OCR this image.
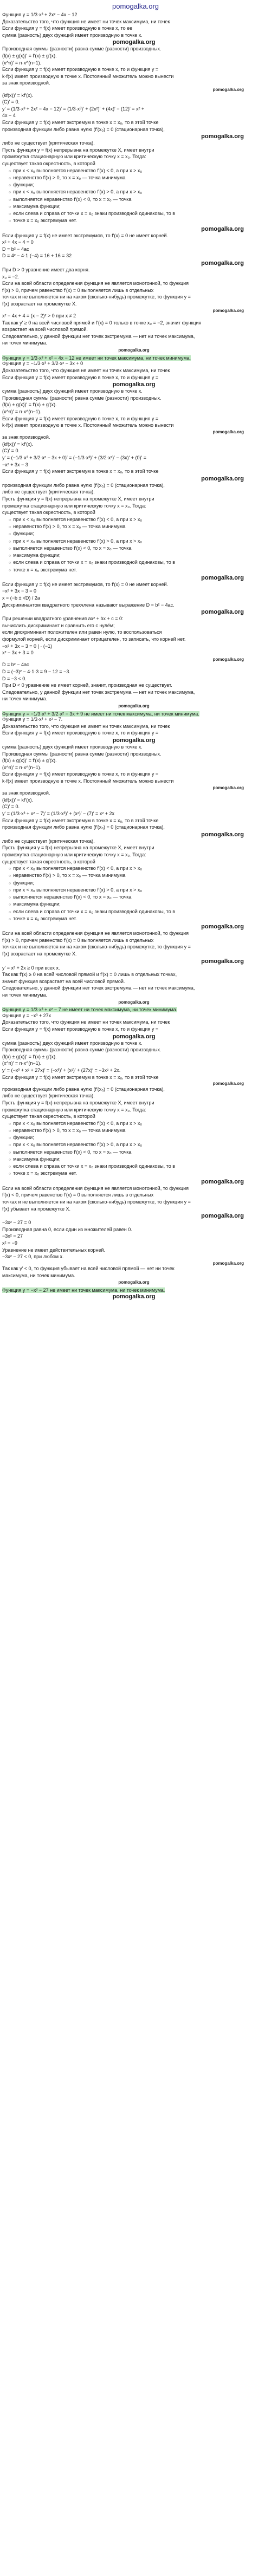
pomogalka.org

Функция y = 1/3·x³ + 2x² − 4x − 12

Доказательство того, что функция не имеет ни точек максимума, ни точек

Если функция y = f(x) имеет производную в точке x, то ее

сумма (разность) двух функций имеет производную в точке x.

pomogalka.org

Производная суммы (разности) равна сумме (разности) производных.

(f(x) ± g(x))′ = f′(x) ± g′(x).

(x^n)′ = n·x^(n−1).

Если функция y = f(x) имеет производную в точке x, то и функция y =

k·f(x) имеет производную в точке x. Постоянный множитель можно вынести

за знак производной.

pomogalka.org

(kf(x))′ = kf′(x).

(C)′ = 0.

y′ = (1/3·x³ + 2x² − 4x − 12)′ = (1/3·x³)′ + (2x²)′ + (4x)′ − (12)′ = x² +

4x − 4

Если функция y = f(x) имеет экстремум в точке x = x₀, то в этой точке

производная функции либо равна нулю (f′(x₀) = 0 (стационарная точка),

pomogalka.org

либо не существует (критическая точка).

Пусть функция y = f(x) непрерывна на промежутке X, имеет внутри

промежутка стационарную или критическую точку x = x₀. Тогда:

существует такая окрестность, в которой

○ при x < x₀ выполняется неравенство f′(x) < 0, а при x > x₀
○ неравенство f′(x) > 0, то x = x₀ — точка минимума
○ функции;
○ при x < x₀ выполняется неравенство f′(x) > 0, а при x > x₀
○ выполняется неравенство f′(x) < 0, то x = x₀ — точка
○ максимума функции;
○ если слева и справа от точки x = x₀ знаки производной одинаковы, то в
○ точке x = x₀ экстремума нет.
pomogalka.org

Если функция y = f(x) не имеет экстремумов, то f′(x) = 0 не имеет корней.

x² + 4x − 4 = 0

D = b² − 4ac

D = 4² − 4·1·(−4) = 16 + 16 = 32

pomogalka.org

При D > 0 уравнение имеет два корня.

x₀ = −2.

Если на всей области определения функция не является монотонной, то функция

f′(x) > 0, причем равенство f′(x) = 0 выполняется лишь в отдельных

точках и не выполняется ни на каком (сколько-нибудь) промежутке, то функция y =

f(x) возрастает на промежутке X.

pomogalka.org

x² − 4x + 4 = (x − 2)² > 0 при x ≠ 2

Так как y′ ≥ 0 на всей числовой прямой и f′(x) = 0 только в точке x₀ = −2, значит функция

возрастает на всей числовой прямой.

Следовательно, у данной функции нет точек экстремума — нет ни точек максимума,

ни точек минимума.

pomogalka.org

Функция y = 1/3·x³ + x² − 4x − 12 не имеет ни точек максимума, ни точек минимума.

Функция y = −1/3·x³ + 3/2·x² − 3x + 0

Доказательство того, что функция не имеет ни точек максимума, ни точек

Если функция y = f(x) имеет производную в точке x, то и функция y =

pomogalka.org

сумма (разность) двух функций имеет производную в точке x.

Производная суммы (разности) равна сумме (разности) производных.

(f(x) ± g(x))′ = f′(x) ± g′(x).

(x^n)′ = n·x^(n−1).

Если функция y = f(x) имеет производную в точке x, то и функция y =

k·f(x) имеет производную в точке x. Постоянный множитель можно вынести

pomogalka.org

за знак производной.

(kf(x))′ = kf′(x).

(C)′ = 0.

y′ = (−1/3·x³ + 3/2·x² − 3x + 0)′ = (−1/3·x³)′ + (3/2·x²)′ − (3x)′ + (0)′ =

−x² + 3x − 3

Если функция y = f(x) имеет экстремум в точке x = x₀, то в этой точке

pomogalka.org

производная функции либо равна нулю (f′(x₀) = 0 (стационарная точка),

либо не существует (критическая точка).

Пусть функция y = f(x) непрерывна на промежутке X, имеет внутри

промежутка стационарную или критическую точку x = x₀. Тогда:

существует такая окрестность, в которой

○ при x < x₀ выполняется неравенство f′(x) < 0, а при x > x₀
○ неравенство f′(x) > 0, то x = x₀ — точка минимума
○ функции;
○ при x < x₀ выполняется неравенство f′(x) > 0, а при x > x₀
○ выполняется неравенство f′(x) < 0, то x = x₀ — точка
○ максимума функции;
○ если слева и справа от точки x = x₀ знаки производной одинаковы, то в
○ точке x = x₀ экстремума нет.
pomogalka.org

Если функция y = f(x) не имеет экстремумов, то f′(x) = 0 не имеет корней.

−x² + 3x − 3 = 0

x = (−b ± √D) / 2a

Дискриминантом квадратного трехчлена называют выражение D = b² − 4ac.

pomogalka.org

При решении квадратного уравнения ax² + bx + c = 0:

вычислить дискриминант и сравнить его с нулём;

если дискриминант положителен или равен нулю, то воспользоваться

формулой корней, если дискриминант отрицателен, то записать, что корней нет.

−x² + 3x − 3 = 0 | · (−1)

x² − 3x + 3 = 0

pomogalka.org

D = b² − 4ac

D = (−3)² − 4·1·3 = 9 − 12 = −3.

D = −3 < 0.

При D < 0 уравнение не имеет корней, значит, производная не существует.

Следовательно, у данной функции нет точек экстремума — нет ни точек максимума,

ни точек минимума.

pomogalka.org

Функция y = −1/3·x³ + 3/2·x² − 3x + 9 не имеет ни точек максимума, ни точек минимума.

Функция y = 1/3·x³ + x² − 7.

Доказательство того, что функция не имеет ни точек максимума, ни точек

Если функция y = f(x) имеет производную в точке x, то и функция y =

pomogalka.org

сумма (разность) двух функций имеет производную в точке x.

Производная суммы (разности) равна сумме (разности) производных.

(f(x) ± g(x))′ = f′(x) ± g′(x).

(x^n)′ = n·x^(n−1).

Если функция y = f(x) имеет производную в точке x, то и функция y =

k·f(x) имеет производную в точке x. Постоянный множитель можно вынести

pomogalka.org

за знак производной.

(kf(x))′ = kf′(x).

(C)′ = 0.

y′ = (1/3·x³ + x² − 7)′ = (1/3·x³)′ + (x²)′ − (7)′ = x² + 2x

Если функция y = f(x) имеет экстремум в точке x = x₀, то в этой точке

производная функции либо равна нулю (f′(x₀) = 0 (стационарная точка),

pomogalka.org

либо не существует (критическая точка).

Пусть функция y = f(x) непрерывна на промежутке X, имеет внутри

промежутка стационарную или критическую точку x = x₀. Тогда:

существует такая окрестность, в которой

○ при x < x₀ выполняется неравенство f′(x) < 0, а при x > x₀
○ неравенство f′(x) > 0, то x = x₀ — точка минимума
○ функции;
○ при x < x₀ выполняется неравенство f′(x) > 0, а при x > x₀
○ выполняется неравенство f′(x) < 0, то x = x₀ — точка
○ максимума функции;
○ если слева и справа от точки x = x₀ знаки производной одинаковы, то в
○ точке x = x₀ экстремума нет.
pomogalka.org

Если на всей области определения функция не является монотонной, то функция

f′(x) > 0, причем равенство f′(x) = 0 выполняется лишь в отдельных

точках и не выполняется ни на каком (сколько-нибудь) промежутке, то функция y =

f(x) возрастает на промежутке X.

pomogalka.org

y′ = x² + 2x ≥ 0 при всех x.

Так как f′(x) ≥ 0 на всей числовой прямой и f′(x) = 0 лишь в отдельных точках,

значит функция возрастает на всей числовой прямой.

Следовательно, у данной функции нет точек экстремума — нет ни точек максимума,

ни точек минимума.

pomogalka.org

Функция y = 1/3·x³ + x² − 7 не имеет ни точек максимума, ни точек минимума.

Функция y = −x³ + 27x

Доказательство того, что функция не имеет ни точек максимума, ни точек

Если функция y = f(x) имеет производную в точке x, то и функция y =

pomogalka.org

сумма (разность) двух функций имеет производную в точке x.

Производная суммы (разности) равна сумме (разности) производных.

(f(x) ± g(x))′ = f′(x) ± g′(x).

(x^n)′ = n·x^(n−1).

y′ = (−x³ + x² + 27x)′ = (−x³)′ + (x²)′ + (27x)′ = −3x² + 2x.

Если функция y = f(x) имеет экстремум в точке x = x₀, то в этой точке

pomogalka.org

производная функции либо равна нулю (f′(x₀) = 0 (стационарная точка),

либо не существует (критическая точка).

Пусть функция y = f(x) непрерывна на промежутке X, имеет внутри

промежутка стационарную или критическую точку x = x₀. Тогда:

существует такая окрестность, в которой

○ при x < x₀ выполняется неравенство f′(x) < 0, а при x > x₀
○ неравенство f′(x) > 0, то x = x₀ — точка минимума
○ функции;
○ при x < x₀ выполняется неравенство f′(x) > 0, а при x > x₀
○ выполняется неравенство f′(x) < 0, то x = x₀ — точка
○ максимума функции;
○ если слева и справа от точки x = x₀ знаки производной одинаковы, то в
○ точке x = x₀ экстремума нет.
pomogalka.org

Если на всей области определения функция не является монотонной, то функция

f′(x) < 0, причем равенство f′(x) = 0 выполняется лишь в отдельных

точках и не выполняется ни на каком (сколько-нибудь) промежутке, то функция y =

f(x) убывает на промежутке X.

pomogalka.org

−3x² − 27 = 0

Производная равна 0, если один из множителей равен 0.

−3x² = 27

x² = −9

Уравнение не имеет действительных корней.

−3x² − 27 < 0, при любом x.

pomogalka.org

Так как y′ < 0, то функция убывает на всей числовой прямой — нет ни точек

максимума, ни точек минимума.

pomogalka.org

Функция y = −x³ − 27 не имеет ни точек максимума, ни точек минимума.

pomogalka.org
